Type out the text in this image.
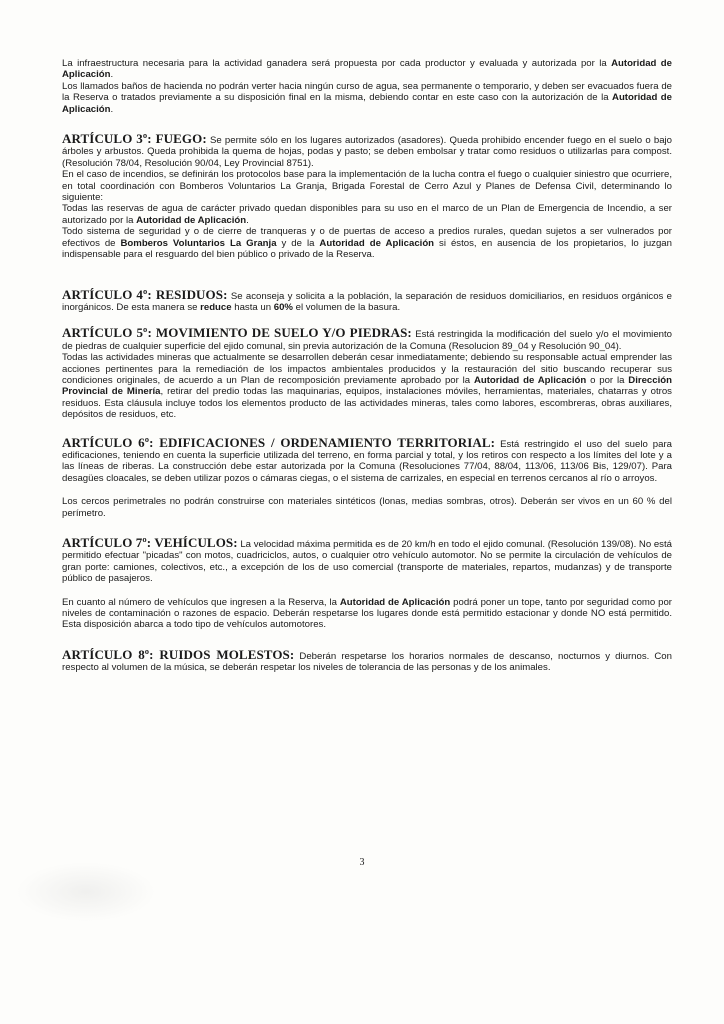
La infraestructura necesaria para la actividad ganadera será propuesta por cada productor y evaluada y autorizada por la Autoridad de Aplicación.

Los llamados baños de hacienda no podrán verter hacia ningún curso de agua, sea permanente o temporario, y deben ser evacuados fuera de la Reserva o tratados previamente a su disposición final en la misma, debiendo contar en este caso con la autorización de la Autoridad de Aplicación.

ARTÍCULO 3º: FUEGO: Se permite sólo en los lugares autorizados (asadores). Queda prohibido encender fuego en el suelo o bajo árboles y arbustos. Queda prohibida la quema de hojas, podas y pasto; se deben embolsar y tratar como residuos o utilizarlas para compost. (Resolución 78/04, Resolución 90/04, Ley Provincial 8751).

En el caso de incendios, se definirán los protocolos base para la implementación de la lucha contra el fuego o cualquier siniestro que ocurriere, en total coordinación con Bomberos Voluntarios La Granja, Brigada Forestal de Cerro Azul y Planes de Defensa Civil, determinando lo siguiente:

Todas las reservas de agua de carácter privado quedan disponibles para su uso en el marco de un Plan de Emergencia de Incendio, a ser autorizado por la Autoridad de Aplicación.

Todo sistema de seguridad y o de cierre de tranqueras y o de puertas de acceso a predios rurales, quedan sujetos a ser vulnerados por efectivos de Bomberos Voluntarios La Granja y de la Autoridad de Aplicación si éstos, en ausencia de los propietarios, lo juzgan indispensable para el resguardo del bien público o privado de la Reserva.

ARTÍCULO 4º: RESIDUOS: Se aconseja y solicita a la población, la separación de residuos domiciliarios, en residuos orgánicos e inorgánicos. De esta manera se reduce hasta un 60% el volumen de la basura.

ARTÍCULO 5º: MOVIMIENTO DE SUELO Y/O PIEDRAS: Está restringida la modificación del suelo y/o el movimiento de piedras de cualquier superficie del ejido comunal, sin previa autorización de la Comuna (Resolucion 89_04 y Resolución 90_04).

Todas las actividades mineras que actualmente se desarrollen deberán cesar inmediatamente; debiendo su responsable actual emprender las acciones pertinentes para la remediación de los impactos ambientales producidos y la restauración del sitio buscando recuperar sus condiciones originales, de acuerdo a un Plan de recomposición previamente aprobado por la Autoridad de Aplicación o por la Dirección Provincial de Minería, retirar del predio todas las maquinarias, equipos, instalaciones móviles, herramientas, materiales, chatarras y otros residuos. Esta cláusula incluye todos los elementos producto de las actividades mineras, tales como labores, escombreras, obras auxiliares, depósitos de residuos, etc.

ARTÍCULO 6º: EDIFICACIONES / ORDENAMIENTO TERRITORIAL: Está restringido el uso del suelo para edificaciones, teniendo en cuenta la superficie utilizada del terreno, en forma parcial y total, y los retiros con respecto a los límites del lote y a las líneas de riberas. La construcción debe estar autorizada por la Comuna (Resoluciones 77/04, 88/04, 113/06, 113/06 Bis, 129/07). Para desagües cloacales, se deben utilizar pozos o cámaras ciegas, o el sistema de carrizales, en especial en terrenos cercanos al río o arroyos.

Los cercos perimetrales no podrán construirse con materiales sintéticos (lonas, medias sombras, otros). Deberán ser vivos en un 60 % del perímetro.

ARTÍCULO 7º: VEHÍCULOS: La velocidad máxima permitida es de 20 km/h en todo el ejido comunal. (Resolución 139/08). No está permitido efectuar "picadas" con motos, cuadriciclos, autos, o cualquier otro vehículo automotor. No se permite la circulación de vehículos de gran porte: camiones, colectivos, etc., a excepción de los de uso comercial (transporte de materiales, repartos, mudanzas) y de transporte público de pasajeros.

En cuanto al número de vehículos que ingresen a la Reserva, la Autoridad de Aplicación podrá poner un tope, tanto por seguridad como por niveles de contaminación o razones de espacio. Deberán respetarse los lugares donde está permitido estacionar y donde NO está permitido. Esta disposición abarca a todo tipo de vehículos automotores.

ARTÍCULO 8º: RUIDOS MOLESTOS: Deberán respetarse los horarios normales de descanso, nocturnos y diurnos. Con respecto al volumen de la música, se deberán respetar los niveles de tolerancia de las personas y de los animales.

3
